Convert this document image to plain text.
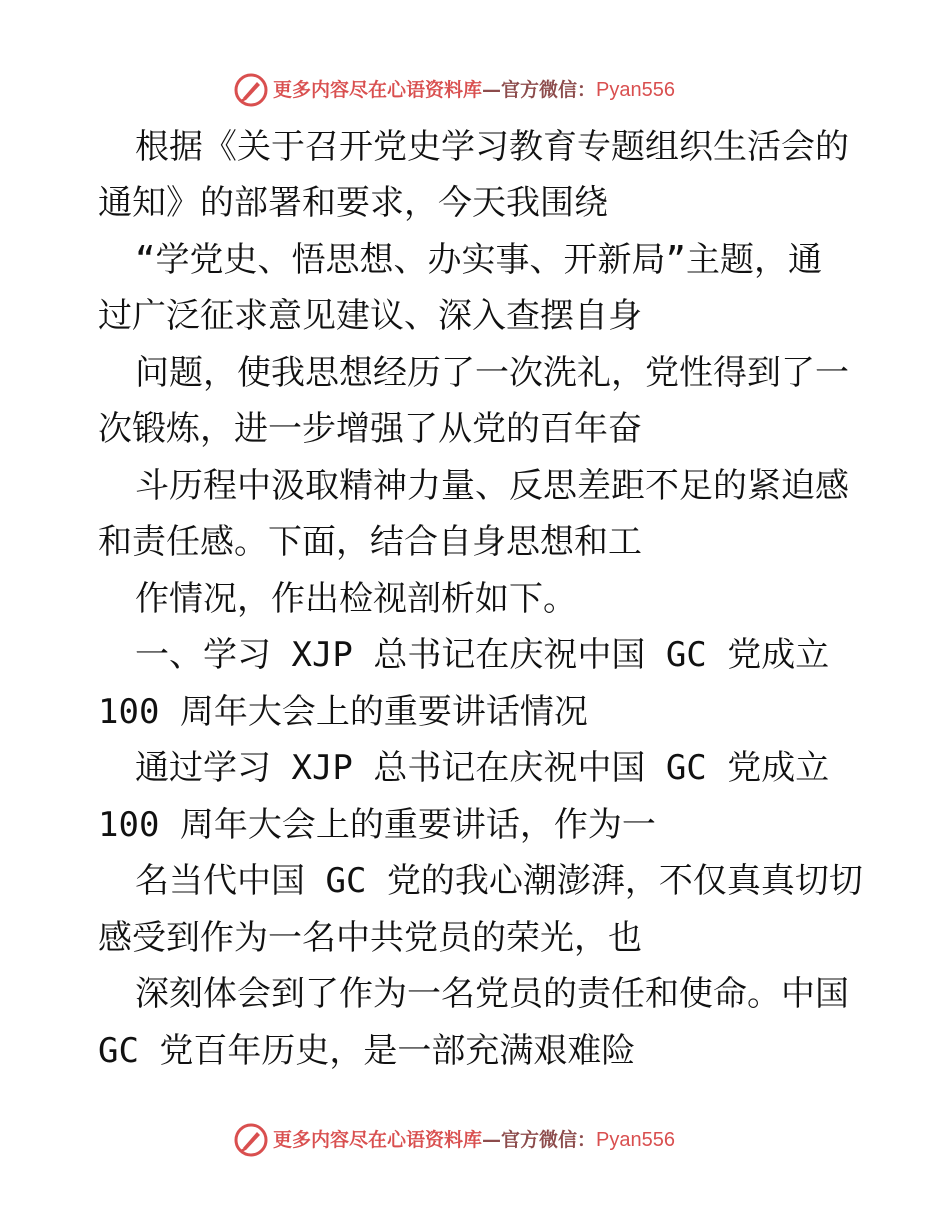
更多内容尽在心语资料库—官方微信：Pyan556
根据《关于召开党史学习教育专题组织生活会的
通知》的部署和要求，今天我围绕
“学党史、悟思想、办实事、开新局”主题，通
过广泛征求意见建议、深入查摆自身
问题，使我思想经历了一次洗礼，党性得到了一
次锻炼，进一步增强了从党的百年奋
斗历程中汲取精神力量、反思差距不足的紧迫感
和责任感。下面，结合自身思想和工
作情况，作出检视剖析如下。
一、学习 XJP 总书记在庆祝中国 GC 党成立
100 周年大会上的重要讲话情况
通过学习 XJP 总书记在庆祝中国 GC 党成立
100 周年大会上的重要讲话，作为一
名当代中国 GC 党的我心潮澎湃，不仅真真切切
感受到作为一名中共党员的荣光，也
深刻体会到了作为一名党员的责任和使命。中国
GC 党百年历史，是一部充满艰难险
更多内容尽在心语资料库—官方微信：Pyan556
